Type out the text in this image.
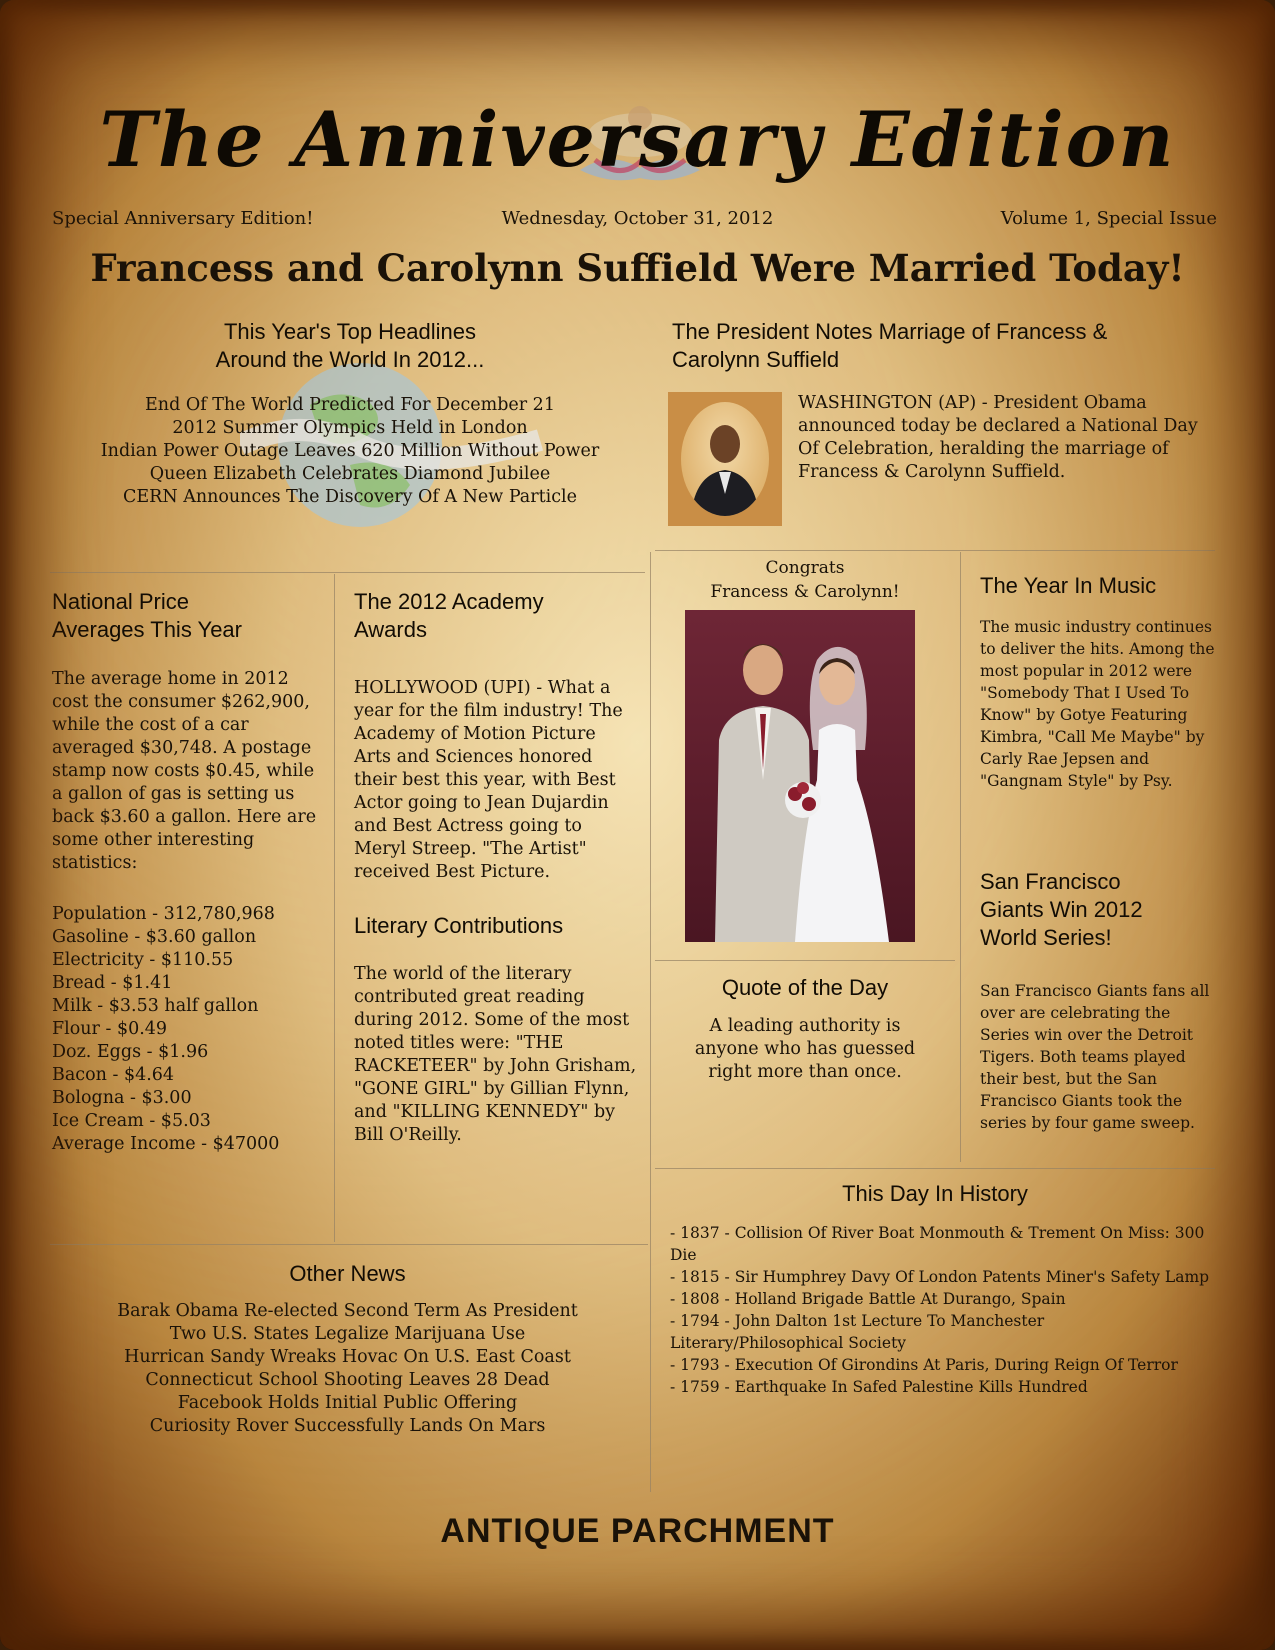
The Anniversary Edition
Special Anniversary Edition!	Wednesday, October 31, 2012	Volume 1, Special Issue
Francess and Carolynn Suffield Were Married Today!
This Year's Top Headlines
Around the World In 2012...
End Of The World Predicted For December 21
2012 Summer Olympics Held in London
Indian Power Outage Leaves 620 Million Without Power
Queen Elizabeth Celebrates Diamond Jubilee
CERN Announces The Discovery Of A New Particle
The President Notes Marriage of Francess &
Carolynn Suffield
WASHINGTON (AP) - President Obama announced today be declared a National Day Of Celebration, heralding the marriage of Francess & Carolynn Suffield.
National Price
Averages This Year
The average home in 2012 cost the consumer $262,900, while the cost of a car averaged $30,748. A postage stamp now costs $0.45, while a gallon of gas is setting us back $3.60 a gallon. Here are some other interesting statistics:
Population - 312,780,968
Gasoline - $3.60 gallon
Electricity - $110.55
Bread - $1.41
Milk - $3.53 half gallon
Flour - $0.49
Doz. Eggs - $1.96
Bacon - $4.64
Bologna - $3.00
Ice Cream - $5.03
Average Income - $47000
The 2012 Academy
Awards
HOLLYWOOD (UPI) - What a year for the film industry! The Academy of Motion Picture Arts and Sciences honored their best this year, with Best Actor going to Jean Dujardin and Best Actress going to Meryl Streep. "The Artist" received Best Picture.
Literary Contributions
The world of the literary contributed great reading during 2012. Some of the most noted titles were: "THE RACKETEER" by John Grisham, "GONE GIRL" by Gillian Flynn, and "KILLING KENNEDY" by Bill O'Reilly.
Congrats
Francess & Carolynn!	The Year In Music
The music industry continues to deliver the hits. Among the most popular in 2012 were "Somebody That I Used To Know" by Gotye Featuring Kimbra, "Call Me Maybe" by Carly Rae Jepsen and "Gangnam Style" by Psy.
San Francisco
Giants Win 2012
World Series!
San Francisco Giants fans all over are celebrating the Series win over the Detroit Tigers. Both teams played their best, but the San Francisco Giants took the series by four game sweep.
Quote of the Day
A leading authority is anyone who has guessed right more than once.
This Day In History
- 1837 - Collision Of River Boat Monmouth & Trement On Miss: 300 Die
- 1815 - Sir Humphrey Davy Of London Patents Miner's Safety Lamp
- 1808 - Holland Brigade Battle At Durango, Spain
- 1794 - John Dalton 1st Lecture To Manchester Literary/Philosophical Society
- 1793 - Execution Of Girondins At Paris, During Reign Of Terror
- 1759 - Earthquake In Safed Palestine Kills Hundred
Other News
Barak Obama Re-elected Second Term As President
Two U.S. States Legalize Marijuana Use
Hurrican Sandy Wreaks Hovac On U.S. East Coast
Connecticut School Shooting Leaves 28 Dead
Facebook Holds Initial Public Offering
Curiosity Rover Successfully Lands On Mars
ANTIQUE PARCHMENT
